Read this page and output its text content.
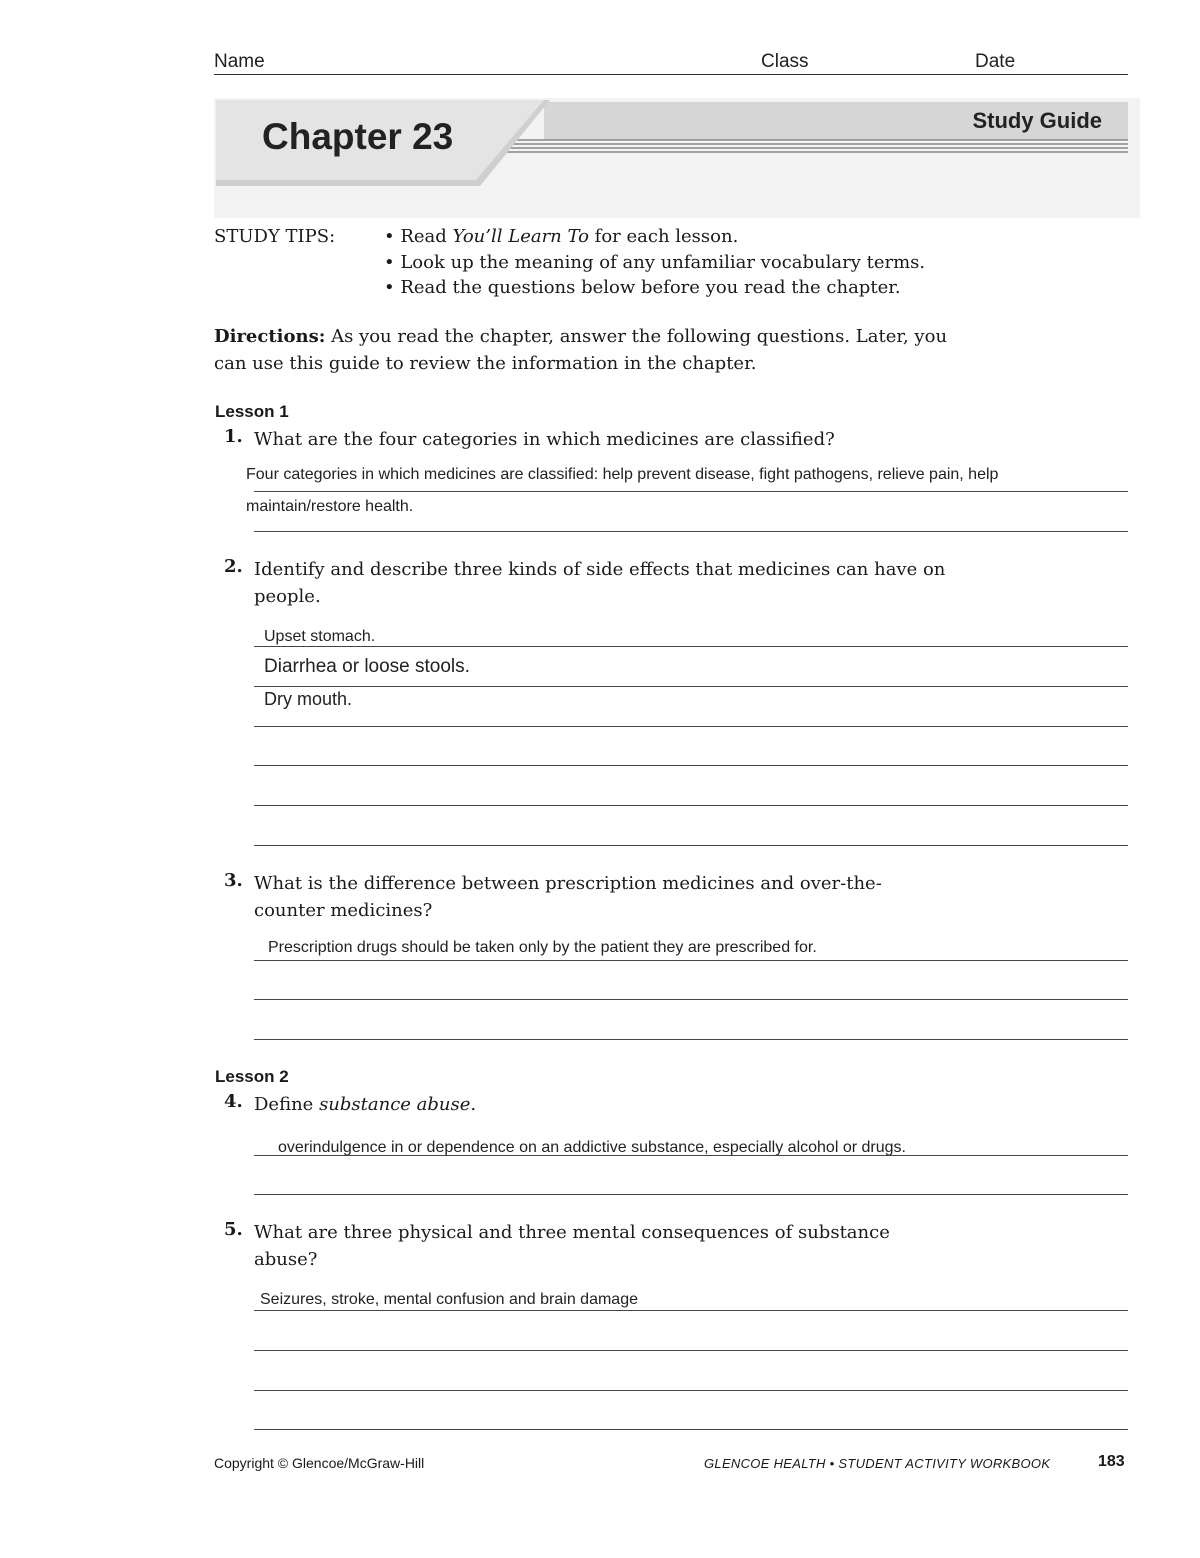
Name	Class	Date
Chapter 23	Study Guide
STUDY TIPS:	• Read You’ll Learn To for each lesson.
• Look up the meaning of any unfamiliar vocabulary terms.
• Read the questions below before you read the chapter.
Directions: As you read the chapter, answer the following questions. Later, you can use this guide to review the information in the chapter.
Lesson 1
1. What are the four categories in which medicines are classified?
Four categories in which medicines are classified: help prevent disease, fight pathogens, relieve pain, help
maintain/restore health.
2. Identify and describe three kinds of side effects that medicines can have on people.
Upset stomach.
Diarrhea or loose stools.
Dry mouth.
3. What is the difference between prescription medicines and over-the-counter medicines?
Prescription drugs should be taken only by the patient they are prescribed for.
Lesson 2
4. Define substance abuse.
overindulgence in or dependence on an addictive substance, especially alcohol or drugs.
5. What are three physical and three mental consequences of substance abuse?
Seizures, stroke, mental confusion and brain damage
Copyright © Glencoe/McGraw-Hill	GLENCOE HEALTH • STUDENT ACTIVITY WORKBOOK	183
